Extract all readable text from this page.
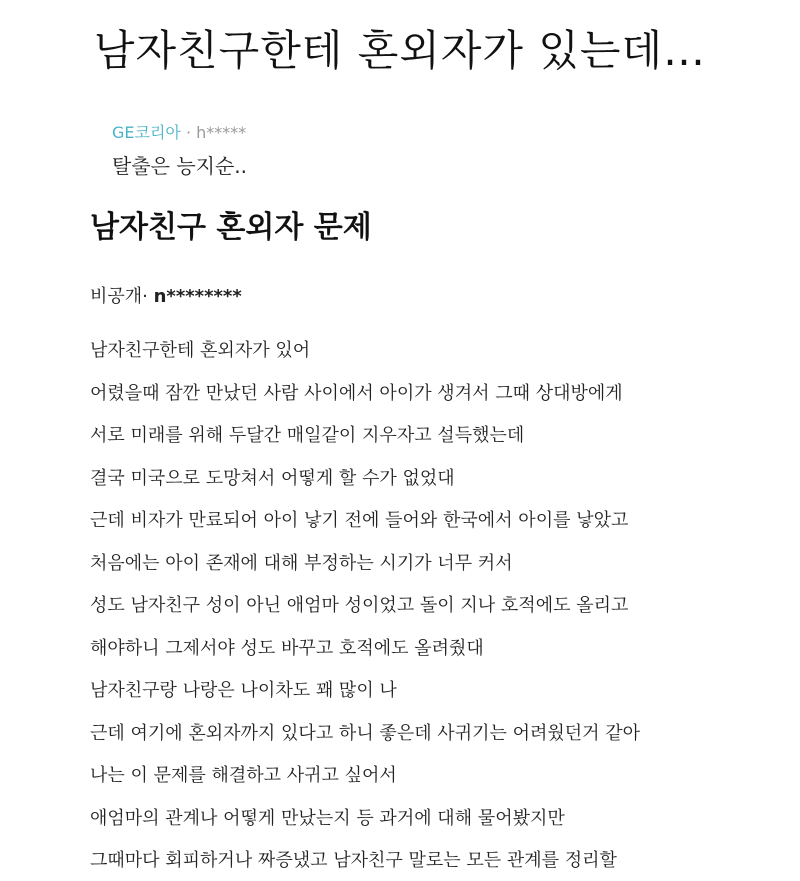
남자친구한테 혼외자가 있는데…
GE코리아 · h*****
탈출은 능지순..
남자친구 혼외자 문제
비공개· n********
남자친구한테 혼외자가 있어
어렸을때 잠깐 만났던 사람 사이에서 아이가 생겨서 그때 상대방에게
서로 미래를 위해 두달간 매일같이 지우자고 설득했는데
결국 미국으로 도망쳐서 어떻게 할 수가 없었대
근데 비자가 만료되어 아이 낳기 전에 들어와 한국에서 아이를 낳았고
처음에는 아이 존재에 대해 부정하는 시기가 너무 커서
성도 남자친구 성이 아닌 애엄마 성이었고 돌이 지나 호적에도 올리고
해야하니 그제서야 성도 바꾸고 호적에도 올려줬대
남자친구랑 나랑은 나이차도 꽤 많이 나
근데 여기에 혼외자까지 있다고 하니 좋은데 사귀기는 어려웠던거 같아
나는 이 문제를 해결하고 사귀고 싶어서
애엄마의 관계나 어떻게 만났는지 등 과거에 대해 물어봤지만
그때마다 회피하거나 짜증냈고 남자친구 말로는 모든 관계를 정리할
